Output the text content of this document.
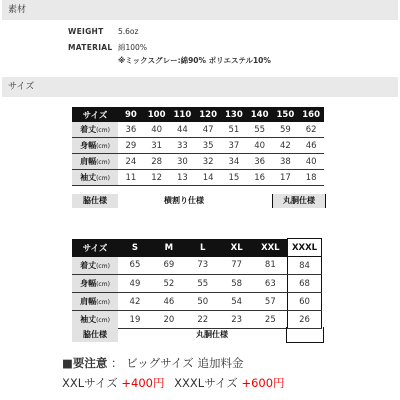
素材
WEIGHT 5.6oz
MATERIAL 綿100%
※ミックスグレー:綿90% ポリエステル10%
サイズ
サイズ	90	100	110	120	130	140	150	160
着丈(cm)	36	40	44	47	51	55	59	62
身幅(cm)	29	31	33	35	37	40	42	46
肩幅(cm)	24	28	30	32	34	36	38	40
袖丈(cm)	11	12	13	14	15	16	17	18
脇仕様	横割り仕様	丸胴仕様
サイズ	S	M	L	XL	XXL	XXXL
着丈(cm)	65	69	73	77	81	84
身幅(cm)	49	52	55	58	63	68
肩幅(cm)	42	46	50	54	57	60
袖丈(cm)	19	20	22	23	25	26
脇仕様	丸胴仕様
■要注意 ： ビッグサイズ 追加料金
XXLサイズ +400円 XXXLサイズ +600円
